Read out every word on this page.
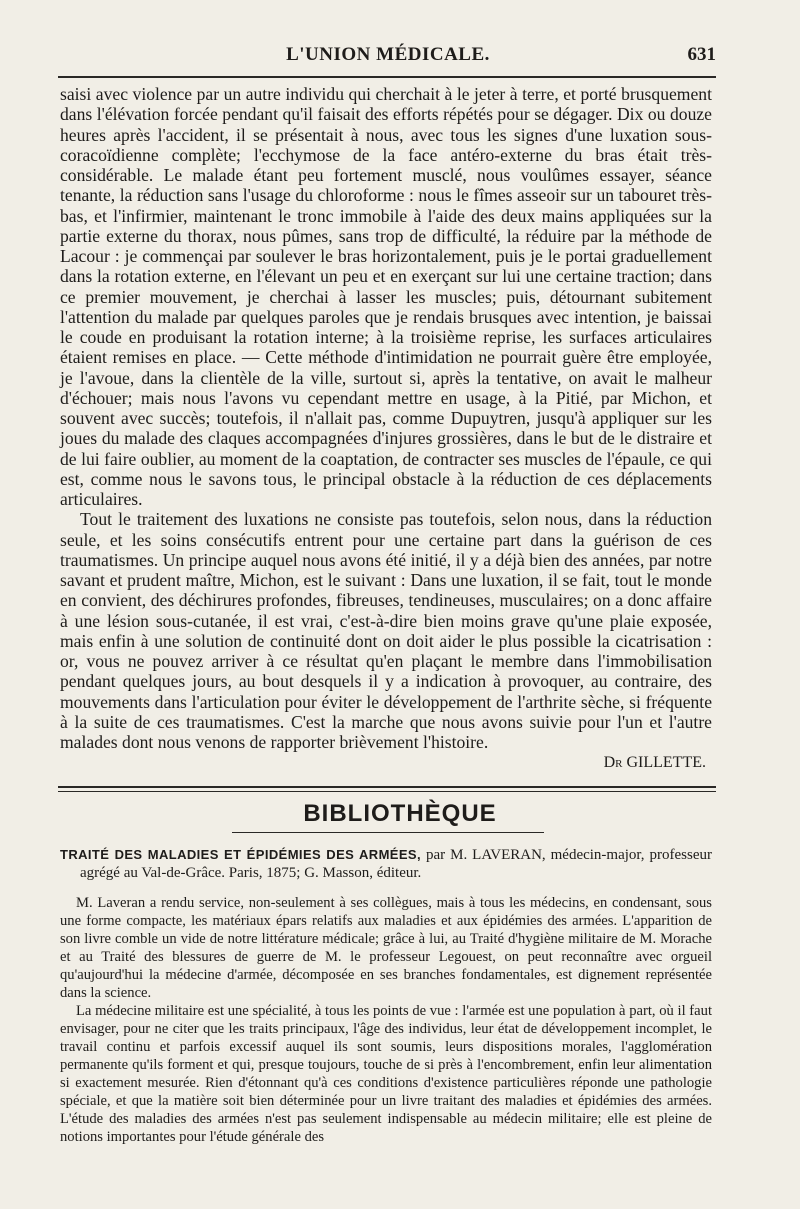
L'UNION MÉDICALE.	631

saisi avec violence par un autre individu qui cherchait à le jeter à terre, et porté brusquement dans l'élévation forcée pendant qu'il faisait des efforts répétés pour se dégager. Dix ou douze heures après l'accident, il se présentait à nous, avec tous les signes d'une luxation sous-coracoïdienne complète; l'ecchymose de la face antéro-externe du bras était très-considérable. Le malade étant peu fortement musclé, nous voulûmes essayer, séance tenante, la réduction sans l'usage du chloroforme : nous le fîmes asseoir sur un tabouret très-bas, et l'infirmier, maintenant le tronc immobile à l'aide des deux mains appliquées sur la partie externe du thorax, nous pûmes, sans trop de difficulté, la réduire par la méthode de Lacour : je commençai par soulever le bras horizontalement, puis je le portai graduellement dans la rotation externe, en l'élevant un peu et en exerçant sur lui une certaine traction; dans ce premier mouvement, je cherchai à lasser les muscles; puis, détournant subitement l'attention du malade par quelques paroles que je rendais brusques avec intention, je baissai le coude en produisant la rotation interne; à la troisième reprise, les surfaces articulaires étaient remises en place. — Cette méthode d'intimidation ne pourrait guère être employée, je l'avoue, dans la clientèle de la ville, surtout si, après la tentative, on avait le malheur d'échouer; mais nous l'avons vu cependant mettre en usage, à la Pitié, par Michon, et souvent avec succès; toutefois, il n'allait pas, comme Dupuytren, jusqu'à appliquer sur les joues du malade des claques accompagnées d'injures grossières, dans le but de le distraire et de lui faire oublier, au moment de la coaptation, de contracter ses muscles de l'épaule, ce qui est, comme nous le savons tous, le principal obstacle à la réduction de ces déplacements articulaires.

Tout le traitement des luxations ne consiste pas toutefois, selon nous, dans la réduction seule, et les soins consécutifs entrent pour une certaine part dans la guérison de ces traumatismes. Un principe auquel nous avons été initié, il y a déjà bien des années, par notre savant et prudent maître, Michon, est le suivant : Dans une luxation, il se fait, tout le monde en convient, des déchirures profondes, fibreuses, tendineuses, musculaires; on a donc affaire à une lésion sous-cutanée, il est vrai, c'est-à-dire bien moins grave qu'une plaie exposée, mais enfin à une solution de continuité dont on doit aider le plus possible la cicatrisation : or, vous ne pouvez arriver à ce résultat qu'en plaçant le membre dans l'immobilisation pendant quelques jours, au bout desquels il y a indication à provoquer, au contraire, des mouvements dans l'articulation pour éviter le développement de l'arthrite sèche, si fréquente à la suite de ces traumatismes. C'est la marche que nous avons suivie pour l'un et l'autre malades dont nous venons de rapporter brièvement l'histoire.

Dr GILLETTE.
BIBLIOTHÈQUE

TRAITÉ DES MALADIES ET ÉPIDÉMIES DES ARMÉES, par M. LAVERAN, médecin-major, professeur agrégé au Val-de-Grâce. Paris, 1875; G. Masson, éditeur.

M. Laveran a rendu service, non-seulement à ses collègues, mais à tous les médecins, en condensant, sous une forme compacte, les matériaux épars relatifs aux maladies et aux épidémies des armées. L'apparition de son livre comble un vide de notre littérature médicale; grâce à lui, au Traité d'hygiène militaire de M. Morache et au Traité des blessures de guerre de M. le professeur Legouest, on peut reconnaître avec orgueil qu'aujourd'hui la médecine d'armée, décomposée en ses branches fondamentales, est dignement représentée dans la science.

La médecine militaire est une spécialité, à tous les points de vue : l'armée est une population à part, où il faut envisager, pour ne citer que les traits principaux, l'âge des individus, leur état de développement incomplet, le travail continu et parfois excessif auquel ils sont soumis, leurs dispositions morales, l'agglomération permanente qu'ils forment et qui, presque toujours, touche de si près à l'encombrement, enfin leur alimentation si exactement mesurée. Rien d'étonnant qu'à ces conditions d'existence particulières réponde une pathologie spéciale, et que la matière soit bien déterminée pour un livre traitant des maladies et épidémies des armées. L'étude des maladies des armées n'est pas seulement indispensable au médecin militaire; elle est pleine de notions importantes pour l'étude générale des
